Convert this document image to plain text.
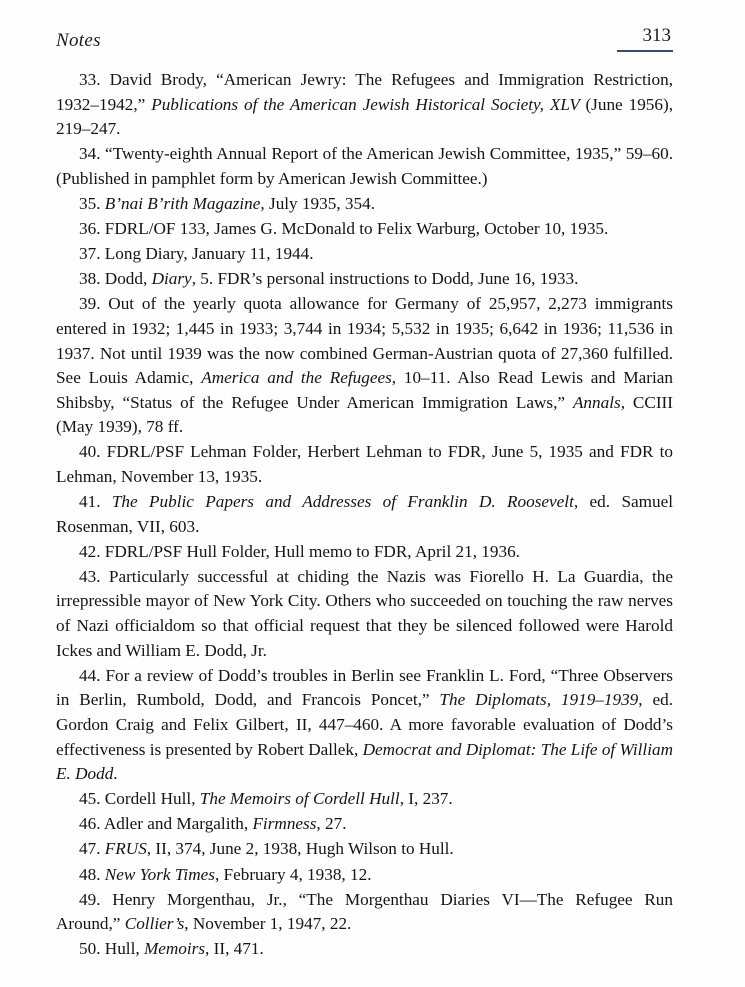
Notes	313

33. David Brody, “American Jewry: The Refugees and Immigration Restriction, 1932–1942,” Publications of the American Jewish Historical Society, XLV (June 1956), 219–247.

34. “Twenty-eighth Annual Report of the American Jewish Committee, 1935,” 59–60. (Published in pamphlet form by American Jewish Committee.)

35. B’nai B’rith Magazine, July 1935, 354.

36. FDRL/OF 133, James G. McDonald to Felix Warburg, October 10, 1935.

37. Long Diary, January 11, 1944.

38. Dodd, Diary, 5. FDR’s personal instructions to Dodd, June 16, 1933.

39. Out of the yearly quota allowance for Germany of 25,957, 2,273 immigrants entered in 1932; 1,445 in 1933; 3,744 in 1934; 5,532 in 1935; 6,642 in 1936; 11,536 in 1937. Not until 1939 was the now combined German-Austrian quota of 27,360 fulfilled. See Louis Adamic, America and the Refugees, 10–11. Also Read Lewis and Marian Shibsby, “Status of the Refugee Under American Immigration Laws,” Annals, CCIII (May 1939), 78 ff.

40. FDRL/PSF Lehman Folder, Herbert Lehman to FDR, June 5, 1935 and FDR to Lehman, November 13, 1935.

41. The Public Papers and Addresses of Franklin D. Roosevelt, ed. Samuel Rosenman, VII, 603.

42. FDRL/PSF Hull Folder, Hull memo to FDR, April 21, 1936.

43. Particularly successful at chiding the Nazis was Fiorello H. La Guardia, the irrepressible mayor of New York City. Others who succeeded on touching the raw nerves of Nazi officialdom so that official request that they be silenced followed were Harold Ickes and William E. Dodd, Jr.

44. For a review of Dodd’s troubles in Berlin see Franklin L. Ford, “Three Observers in Berlin, Rumbold, Dodd, and Francois Poncet,” The Diplomats, 1919–1939, ed. Gordon Craig and Felix Gilbert, II, 447–460. A more favorable evaluation of Dodd’s effectiveness is presented by Robert Dallek, Democrat and Diplomat: The Life of William E. Dodd.

45. Cordell Hull, The Memoirs of Cordell Hull, I, 237.

46. Adler and Margalith, Firmness, 27.

47. FRUS, II, 374, June 2, 1938, Hugh Wilson to Hull.

48. New York Times, February 4, 1938, 12.

49. Henry Morgenthau, Jr., “The Morgenthau Diaries VI—The Refugee Run Around,” Collier’s, November 1, 1947, 22.

50. Hull, Memoirs, II, 471.
